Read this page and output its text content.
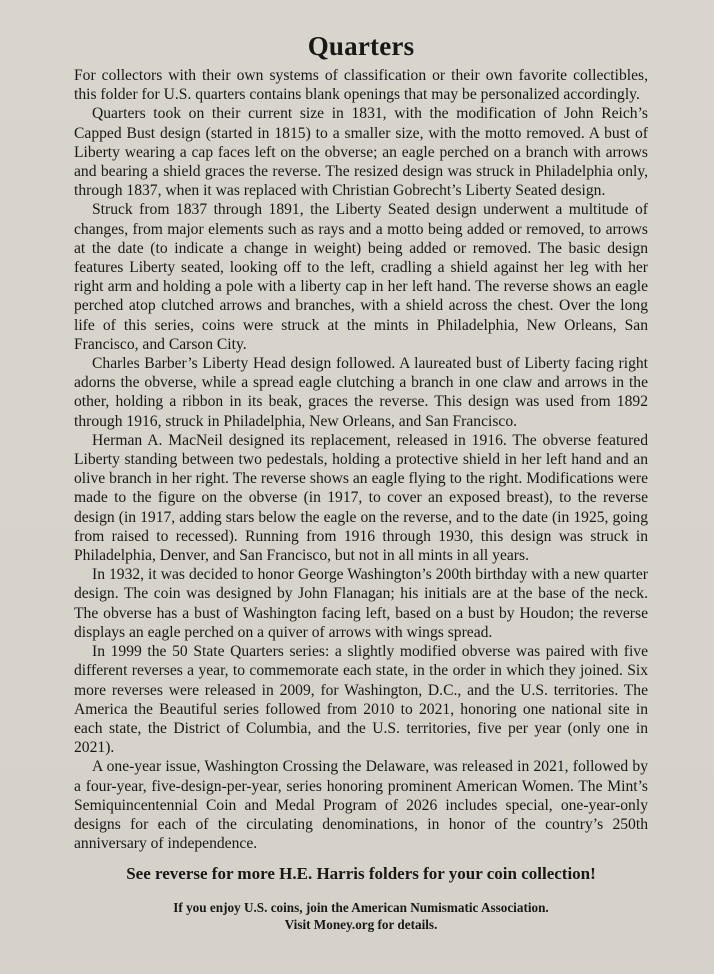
Quarters

For collectors with their own systems of classification or their own favorite collectibles, this folder for U.S. quarters contains blank openings that may be personalized accordingly.

Quarters took on their current size in 1831, with the modification of John Reich’s Capped Bust design (started in 1815) to a smaller size, with the motto removed. A bust of Liberty wearing a cap faces left on the obverse; an eagle perched on a branch with arrows and bearing a shield graces the reverse. The resized design was struck in Philadelphia only, through 1837, when it was replaced with Christian Gobrecht’s Liberty Seated design.

Struck from 1837 through 1891, the Liberty Seated design underwent a multitude of changes, from major elements such as rays and a motto being added or removed, to arrows at the date (to indicate a change in weight) being added or removed. The basic design features Liberty seated, looking off to the left, cradling a shield against her leg with her right arm and holding a pole with a liberty cap in her left hand. The reverse shows an eagle perched atop clutched arrows and branches, with a shield across the chest. Over the long life of this series, coins were struck at the mints in Philadelphia, New Orleans, San Francisco, and Carson City.

Charles Barber’s Liberty Head design followed. A laureated bust of Liberty facing right adorns the obverse, while a spread eagle clutching a branch in one claw and arrows in the other, holding a ribbon in its beak, graces the reverse. This design was used from 1892 through 1916, struck in Philadelphia, New Orleans, and San Francisco.

Herman A. MacNeil designed its replacement, released in 1916. The obverse featured Liberty standing between two pedestals, holding a protective shield in her left hand and an olive branch in her right. The reverse shows an eagle flying to the right. Modifications were made to the figure on the obverse (in 1917, to cover an exposed breast), to the reverse design (in 1917, adding stars below the eagle on the reverse, and to the date (in 1925, going from raised to recessed). Running from 1916 through 1930, this design was struck in Philadelphia, Denver, and San Francisco, but not in all mints in all years.

In 1932, it was decided to honor George Washington’s 200th birthday with a new quarter design. The coin was designed by John Flanagan; his initials are at the base of the neck. The obverse has a bust of Washington facing left, based on a bust by Houdon; the reverse displays an eagle perched on a quiver of arrows with wings spread.

In 1999 the 50 State Quarters series: a slightly modified obverse was paired with five different reverses a year, to commemorate each state, in the order in which they joined. Six more reverses were released in 2009, for Washington, D.C., and the U.S. territories. The America the Beautiful series followed from 2010 to 2021, honoring one national site in each state, the District of Columbia, and the U.S. territories, five per year (only one in 2021).

A one-year issue, Washington Crossing the Delaware, was released in 2021, followed by a four-year, five-design-per-year, series honoring prominent American Women. The Mint’s Semiquincentennial Coin and Medal Program of 2026 includes special, one-year-only designs for each of the circulating denominations, in honor of the country’s 250th anniversary of independence.

See reverse for more H.E. Harris folders for your coin collection!

If you enjoy U.S. coins, join the American Numismatic Association.
Visit Money.org for details.
